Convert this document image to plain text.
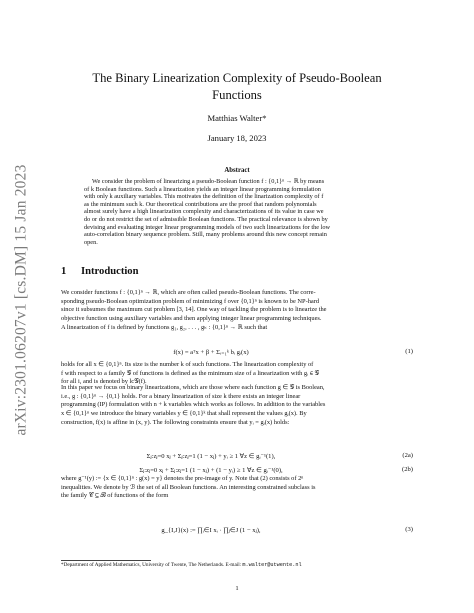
arXiv:2301.06207v1 [cs.DM] 15 Jan 2023
The Binary Linearization Complexity of Pseudo-Boolean
Functions
Matthias Walter*
January 18, 2023
Abstract
We consider the problem of linearizing a pseudo-Boolean function f : {0,1}ⁿ → ℝ by means
of k Boolean functions. Such a linearization yields an integer linear programming formulation
with only k auxiliary variables. This motivates the definition of the linarization complexity of f
as the minimum such k. Our theoretical contributions are the proof that random polynomials
almost surely have a high linearization complexity and characterizations of its value in case we
do or do not restrict the set of admissible Boolean functions. The practical relevance is shown by
devising and evaluating integer linear programming models of two such linearizations for the low
auto-correlation binary sequence problem. Still, many problems around this new concept remain
open.
1 Introduction
We consider functions f : {0,1}ⁿ → ℝ, which are often called pseudo-Boolean functions. The corre-
sponding pseudo-Boolean optimization problem of minimizing f over {0,1}ⁿ is known to be NP-hard
since it subsumes the maximum cut problem [3, 14]. One way of tackling the problem is to linearize the
objective function using auxiliary variables and then applying integer linear programming techniques.
A linearization of f is defined by functions g₁, g₂, . . . , gₖ : {0,1}ⁿ → ℝ such that
f(x) = aᵀx + β + Σᵢ₌₁ᵏ bᵢ gᵢ(x)	(1)
holds for all x ∈ {0,1}ⁿ. Its size is the number k of such functions. The linearization complexity of
f with respect to a family 𝒢 of functions is defined as the minimum size of a linearization with gᵢ ∈ 𝒢
for all i, and is denoted by lc𝒢(f).
In this paper we focus on binary linearizations, which are those where each function g ∈ 𝒢 is Boolean,
i.e., g : {0,1}ⁿ → {0,1} holds. For a binary linearization of size k there exists an integer linear
programming (IP) formulation with n + k variables which works as follows. In addition to the variables
x ∈ {0,1}ⁿ we introduce the binary variables y ∈ {0,1}ᵏ that shall represent the values gᵢ(x). By
construction, f(x) is affine in (x, y). The following constraints ensure that yᵢ = gᵢ(x) holds:
Σⱼ:zⱼ=0 xⱼ + Σⱼ:zⱼ=1 (1 − xⱼ) + yᵢ ≥ 1 ∀z ∈ gᵢ⁻¹(1),	(2a)
Σⱼ:zⱼ=0 xⱼ + Σⱼ:zⱼ=1 (1 − xⱼ) + (1 − yᵢ) ≥ 1 ∀z ∈ gᵢ⁻¹(0),	(2b)
where g⁻¹(y) := {x ∈ {0,1}ⁿ : g(x) = y} denotes the pre-image of y. Note that (2) consists of 2ⁿ
inequalities. We denote by ℬ the set of all Boolean functions. An interesting constrained subclass is
the family 𝒞 ⊆ ℬ of functions of the form
g_{I,J}(x) := ∏ᵢ∈I xᵢ · ∏ⱼ∈J (1 − xⱼ),	(3)
*Department of Applied Mathematics, University of Twente, The Netherlands. E-mail: m.walter@utwente.nl
1
